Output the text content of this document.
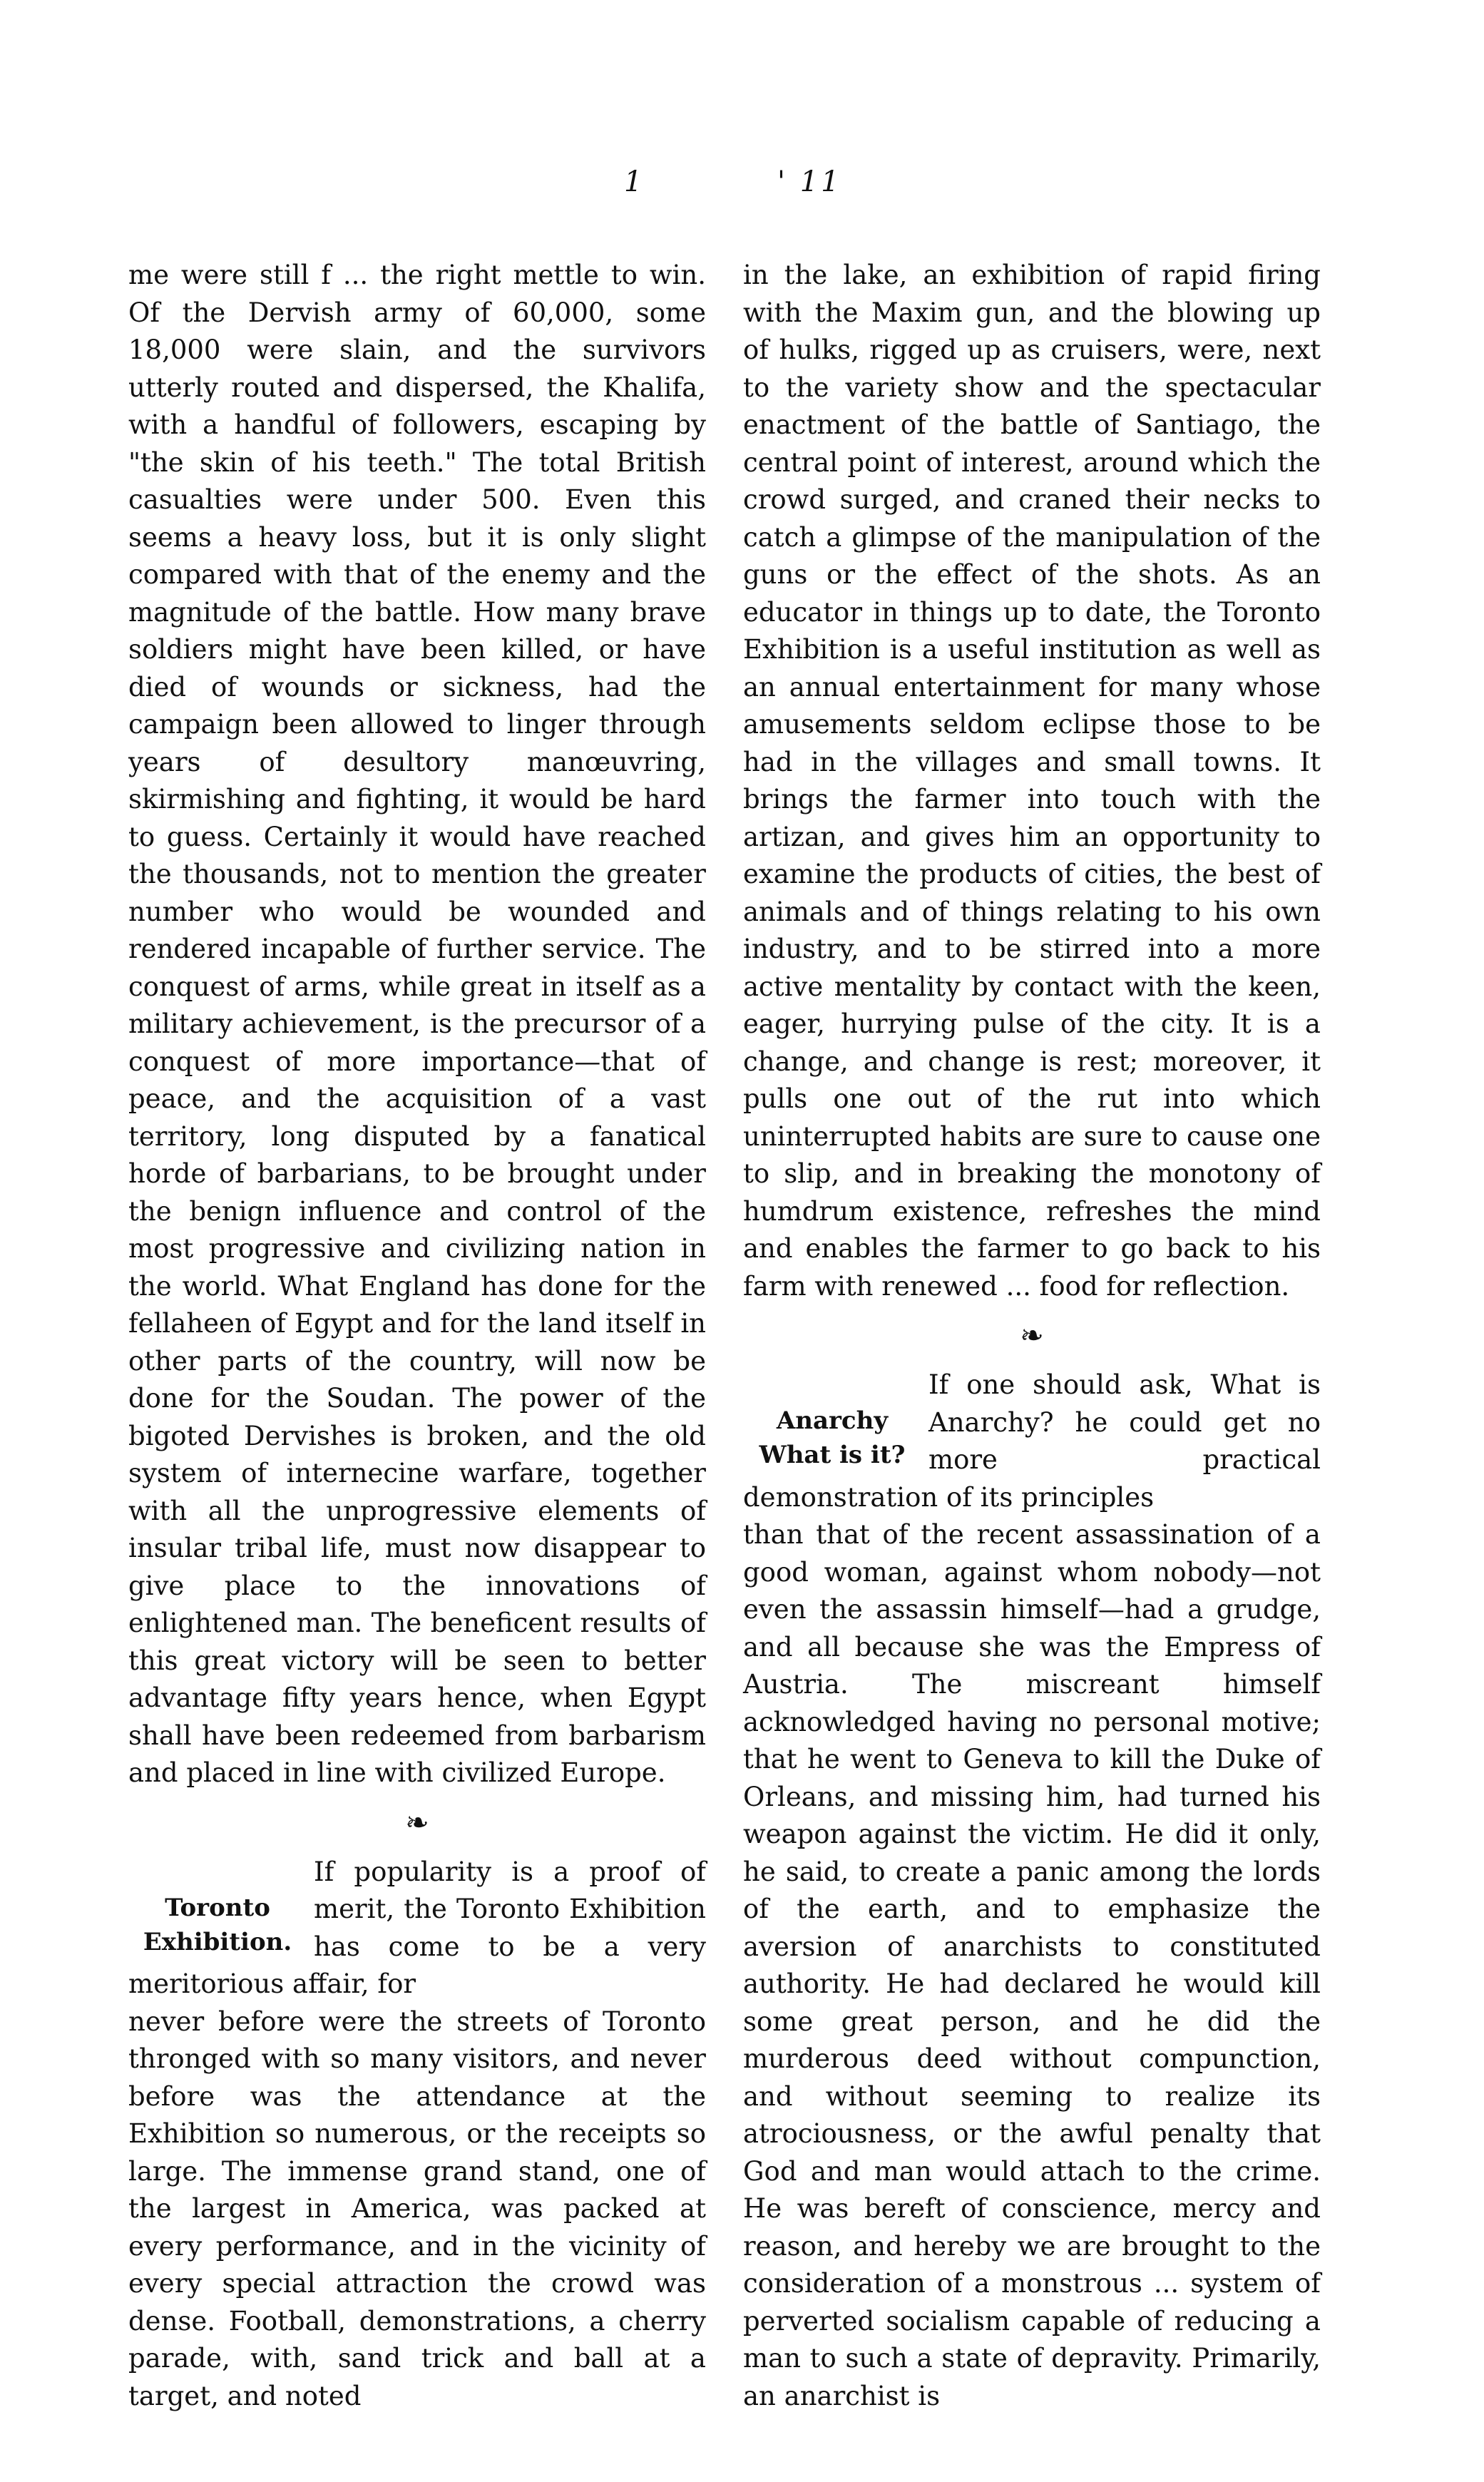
1	' 11

me were still f ... the right mettle to win. Of the Dervish army of 60,000, some 18,000 were slain, and the survivors utterly routed and dispersed, the Khalifa, with a handful of followers, escaping by "the skin of his teeth." The total British casualties were under 500. Even this seems a heavy loss, but it is only slight compared with that of the enemy and the magnitude of the battle. How many brave soldiers might have been killed, or have died of wounds or sickness, had the campaign been allowed to linger through years of desultory manœuvring, skirmishing and fighting, it would be hard to guess. Certainly it would have reached the thousands, not to mention the greater number who would be wounded and rendered incapable of further service. The conquest of arms, while great in itself as a military achievement, is the precursor of a conquest of more importance—that of peace, and the acquisition of a vast territory, long disputed by a fanatical horde of barbarians, to be brought under the benign influence and control of the most progressive and civilizing nation in the world. What England has done for the fellaheen of Egypt and for the land itself in other parts of the country, will now be done for the Soudan. The power of the bigoted Dervishes is broken, and the old system of internecine warfare, together with all the unprogressive elements of insular tribal life, must now disappear to give place to the innovations of enlightened man. The beneficent results of this great victory will be seen to better advantage fifty years hence, when Egypt shall have been redeemed from barbarism and placed in line with civilized Europe.

❧
Toronto Exhibition.

If popularity is a proof of merit, the Toronto Exhibition has come to be a very meritorious affair, for

never before were the streets of Toronto thronged with so many visitors, and never before was the attendance at the Exhibition so numerous, or the receipts so large. The immense grand stand, one of the largest in America, was packed at every performance, and in the vicinity of every special attraction the crowd was dense. Football, demonstrations, a cherry parade, with, sand trick and ball at a target, and noted

in the lake, an exhibition of rapid firing with the Maxim gun, and the blowing up of hulks, rigged up as cruisers, were, next to the variety show and the spectacular enactment of the battle of Santiago, the central point of interest, around which the crowd surged, and craned their necks to catch a glimpse of the manipulation of the guns or the effect of the shots. As an educator in things up to date, the Toronto Exhibition is a useful institution as well as an annual entertainment for many whose amusements seldom eclipse those to be had in the villages and small towns. It brings the farmer into touch with the artizan, and gives him an opportunity to examine the products of cities, the best of animals and of things relating to his own industry, and to be stirred into a more active mentality by contact with the keen, eager, hurrying pulse of the city. It is a change, and change is rest; moreover, it pulls one out of the rut into which uninterrupted habits are sure to cause one to slip, and in breaking the monotony of humdrum existence, refreshes the mind and enables the farmer to go back to his farm with renewed ... food for reflection.

❧
Anarchy What is it?

If one should ask, What is Anarchy? he could get no more practical demonstration of its principles

than that of the recent assassination of a good woman, against whom nobody—not even the assassin himself—had a grudge, and all because she was the Empress of Austria. The miscreant himself acknowledged having no personal motive; that he went to Geneva to kill the Duke of Orleans, and missing him, had turned his weapon against the victim. He did it only, he said, to create a panic among the lords of the earth, and to emphasize the aversion of anarchists to constituted authority. He had declared he would kill some great person, and he did the murderous deed without compunction, and without seeming to realize its atrociousness, or the awful penalty that God and man would attach to the crime. He was bereft of conscience, mercy and reason, and hereby we are brought to the consideration of a monstrous ... system of perverted socialism capable of reducing a man to such a state of depravity. Primarily, an anarchist is
